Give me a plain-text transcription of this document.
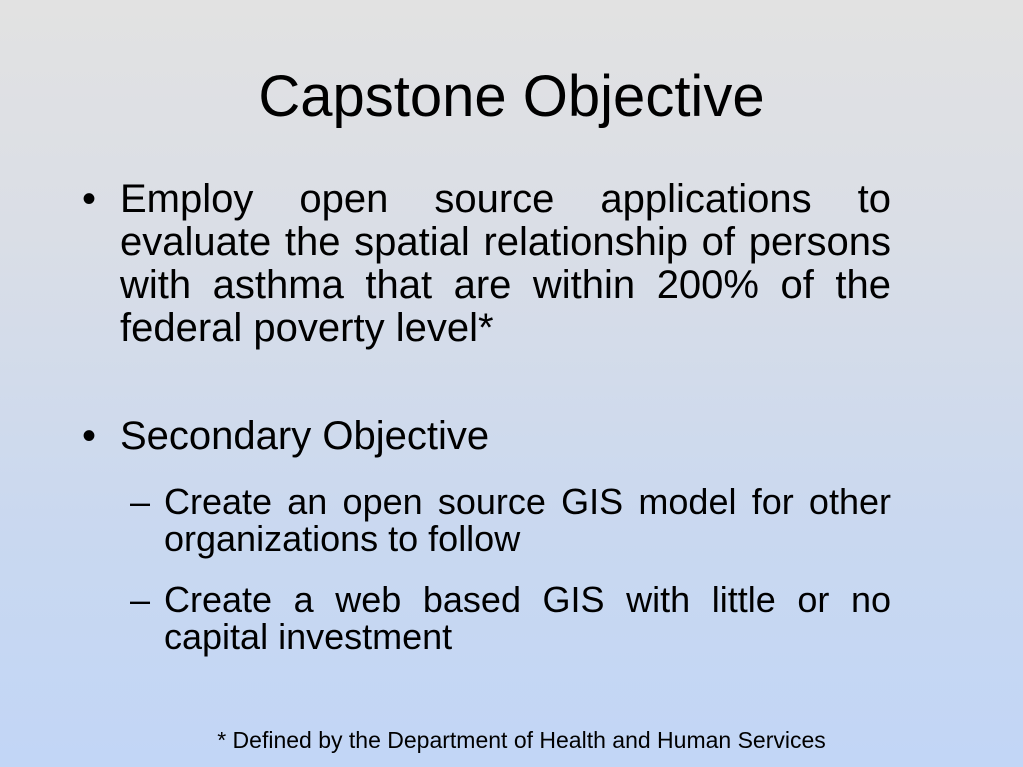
Capstone Objective
• Employ open source applications to evaluate the spatial relationship of persons with asthma that are within 200% of the federal poverty level*
• Secondary Objective
– Create an open source GIS model for other organizations to follow
– Create a web based GIS with little or no capital investment
* Defined by the Department of Health and Human Services
